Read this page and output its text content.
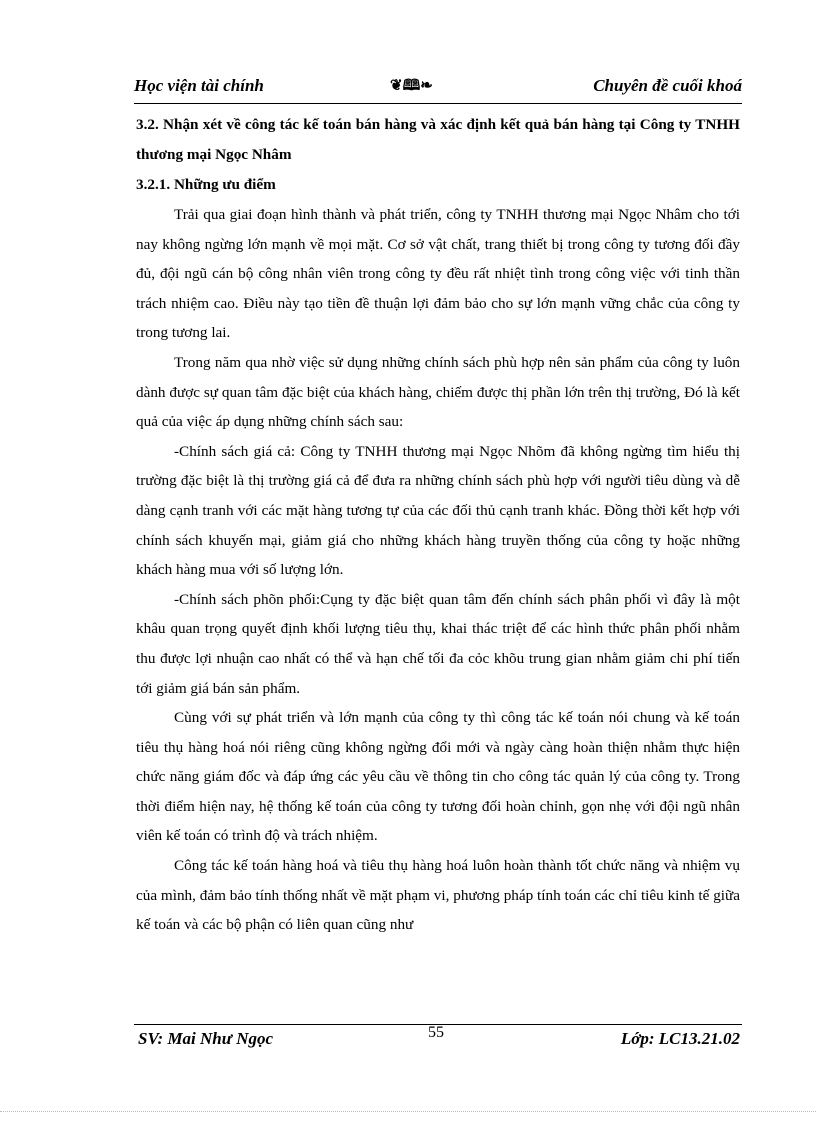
Học viện tài chính	❦🕮❧	Chuyên đề cuối khoá

3.2. Nhận xét về công tác kế toán bán hàng và xác định kết quả bán hàng tại Công ty TNHH thương mại Ngọc Nhâm

3.2.1. Những ưu điểm

Trải qua giai đoạn hình thành và phát triển, công ty TNHH thương mại Ngọc Nhâm cho tới nay không ngừng lớn mạnh về mọi mặt. Cơ sở vật chất, trang thiết bị trong công ty tương đối đầy đủ, đội ngũ cán bộ công nhân viên trong công ty đều rất nhiệt tình trong công việc với tinh thần trách nhiệm cao. Điều này tạo tiền đề thuận lợi đảm bảo cho sự lớn mạnh vững chắc của công ty trong tương lai.

Trong năm qua nhờ việc sử dụng những chính sách phù hợp nên sản phẩm của công ty luôn dành được sự quan tâm đặc biệt của khách hàng, chiếm được thị phần lớn trên thị trường, Đó là kết quả của việc áp dụng những chính sách sau:

-Chính sách giá cả: Công ty TNHH thương mại Ngọc Nhõm đã không ngừng tìm hiểu thị trường đặc biệt là thị trường giá cả để đưa ra những chính sách phù hợp với người tiêu dùng và dễ dàng cạnh tranh với các mặt hàng tương tự của các đối thủ cạnh tranh khác. Đồng thời kết hợp với chính sách khuyến mại, giảm giá cho những khách hàng truyền thống của công ty hoặc những khách hàng mua với số lượng lớn.

-Chính sách phõn phối:Cụng ty đặc biệt quan tâm đến chính sách phân phối vì đây là một khâu quan trọng quyết định khối lượng tiêu thụ, khai thác triệt để các hình thức phân phối nhằm thu được lợi nhuận cao nhất có thể và hạn chế tối đa cỏc khõu trung gian nhằm giảm chi phí tiến tới giảm giá bán sản phẩm.

Cùng với sự phát triển và lớn mạnh của công ty thì công tác kế toán nói chung và kế toán tiêu thụ hàng hoá nói riêng cũng không ngừng đổi mới và ngày càng hoàn thiện nhằm thực hiện chức năng giám đốc và đáp ứng các yêu cầu về thông tin cho công tác quản lý của công ty. Trong thời điểm hiện nay, hệ thống kế toán của công ty tương đối hoàn chỉnh, gọn nhẹ với đội ngũ nhân viên kế toán có trình độ và trách nhiệm.

Công tác kế toán hàng hoá và tiêu thụ hàng hoá luôn hoàn thành tốt chức năng và nhiệm vụ của mình, đảm bảo tính thống nhất về mặt phạm vi, phương pháp tính toán các chỉ tiêu kinh tế giữa kế toán và các bộ phận có liên quan cũng như

SV: Mai Như Ngọc	55	Lớp: LC13.21.02
